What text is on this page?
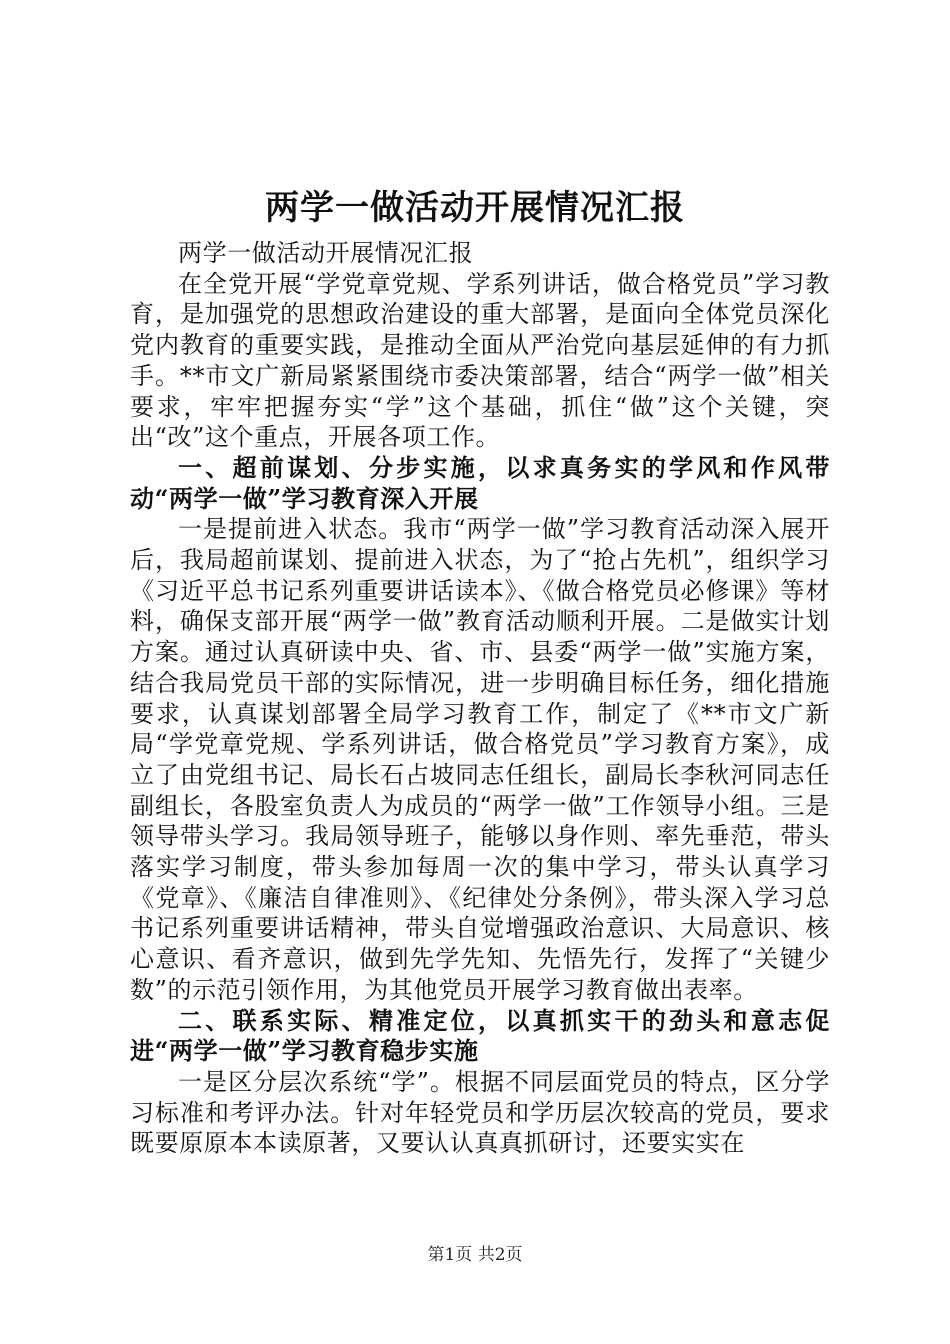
两学一做活动开展情况汇报

两学一做活动开展情况汇报

在全党开展“学党章党规、学系列讲话，做合格党员”学习教育，是加强党的思想政治建设的重大部署，是面向全体党员深化党内教育的重要实践，是推动全面从严治党向基层延伸的有力抓手。**市文广新局紧紧围绕市委决策部署，结合“两学一做”相关要求，牢牢把握夯实“学”这个基础，抓住“做”这个关键，突出“改”这个重点，开展各项工作。

一、超前谋划、分步实施，以求真务实的学风和作风带动“两学一做”学习教育深入开展

一是提前进入状态。我市“两学一做”学习教育活动深入展开后，我局超前谋划、提前进入状态，为了“抢占先机”，组织学习《习近平总书记系列重要讲话读本》、《做合格党员必修课》等材料，确保支部开展“两学一做”教育活动顺利开展。二是做实计划方案。通过认真研读中央、省、市、县委“两学一做”实施方案，结合我局党员干部的实际情况，进一步明确目标任务，细化措施要求，认真谋划部署全局学习教育工作，制定了《**市文广新局“学党章党规、学系列讲话，做合格党员”学习教育方案》，成立了由党组书记、局长石占坡同志任组长，副局长李秋河同志任副组长，各股室负责人为成员的“两学一做”工作领导小组。三是领导带头学习。我局领导班子，能够以身作则、率先垂范，带头落实学习制度，带头参加每周一次的集中学习，带头认真学习《党章》、《廉洁自律准则》、《纪律处分条例》，带头深入学习总书记系列重要讲话精神，带头自觉增强政治意识、大局意识、核心意识、看齐意识，做到先学先知、先悟先行，发挥了“关键少数”的示范引领作用，为其他党员开展学习教育做出表率。

二、联系实际、精准定位，以真抓实干的劲头和意志促进“两学一做”学习教育稳步实施

一是区分层次系统“学”。根据不同层面党员的特点，区分学习标准和考评办法。针对年轻党员和学历层次较高的党员，要求既要原原本本读原著，又要认认真真抓研讨，还要实实在

第1页 共2页
